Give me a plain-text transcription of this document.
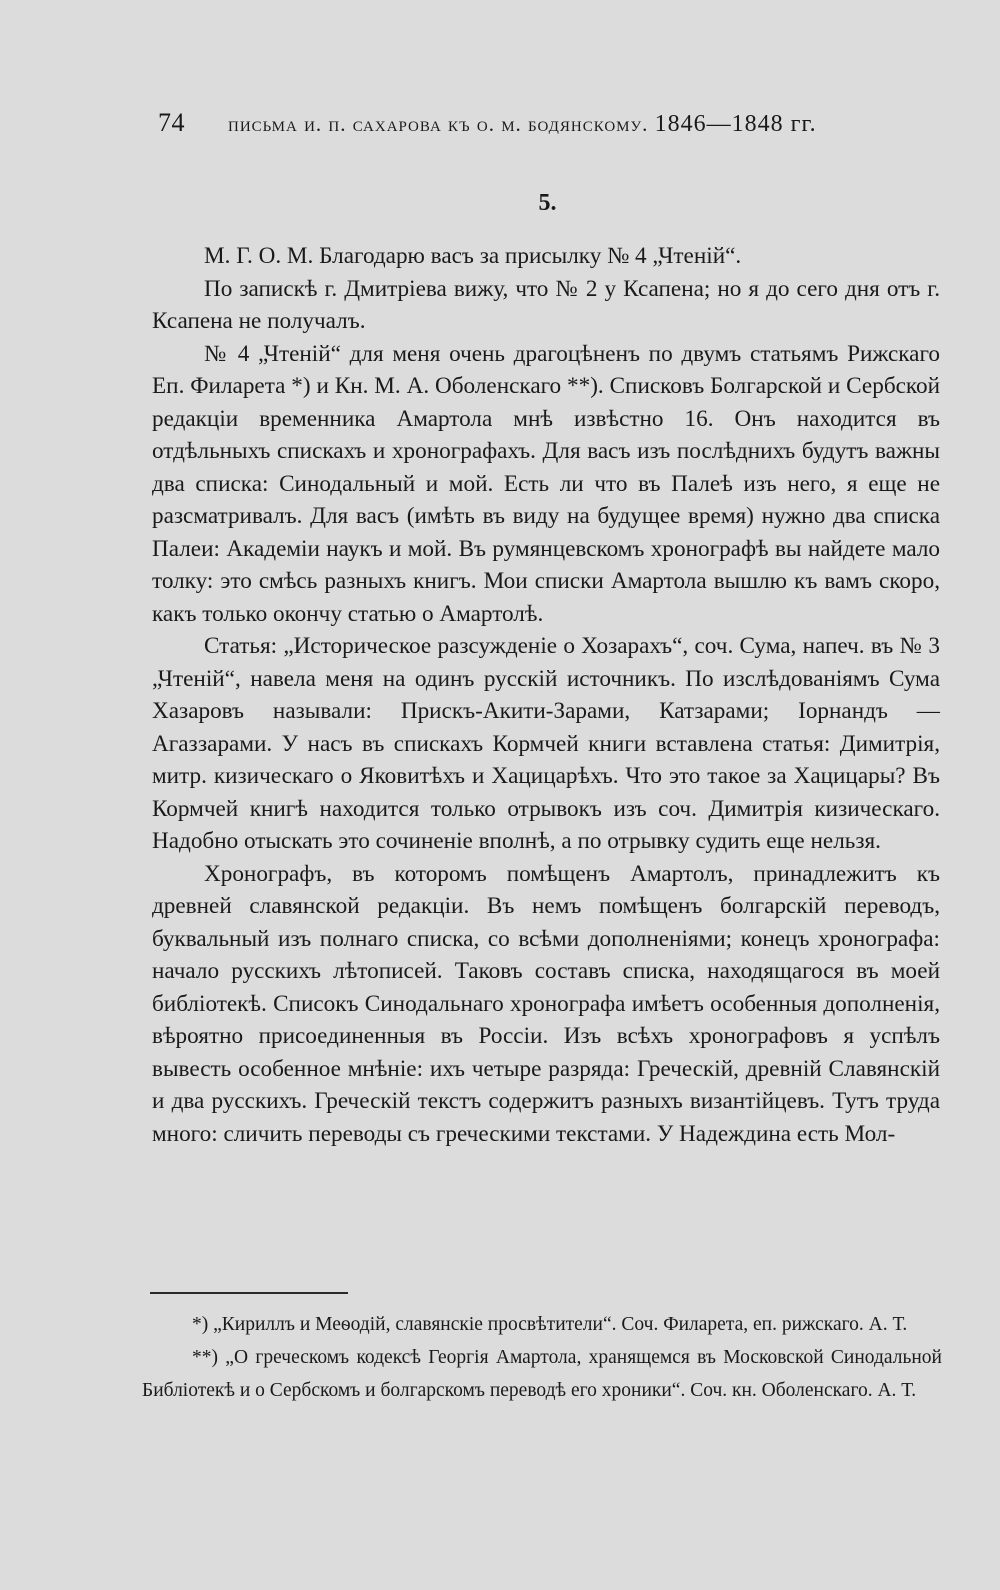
74	письма и. п. сахарова къ о. м. бодянскому. 1846—1848 гг.
5.

М. Г. О. М. Благодарю васъ за присылку № 4 „Чтеній“.

По запискѣ г. Дмитріева вижу, что № 2 у Ксапена; но я до сего дня отъ г. Ксапена не получалъ.

№ 4 „Чтеній“ для меня очень драгоцѣненъ по двумъ статьямъ Рижскаго Еп. Филарета *) и Кн. М. А. Оболенскаго **). Списковъ Болгарской и Сербской редакціи временника Амартола мнѣ извѣстно 16. Онъ находится въ отдѣльныхъ спискахъ и хронографахъ. Для васъ изъ послѣднихъ будутъ важны два списка: Синодальный и мой. Есть ли что въ Палеѣ изъ него, я еще не разсматривалъ. Для васъ (имѣть въ виду на будущее время) нужно два списка Палеи: Академіи наукъ и мой. Въ румянцевскомъ хронографѣ вы найдете мало толку: это смѣсь разныхъ книгъ. Мои списки Амартола вышлю къ вамъ скоро, какъ только окончу статью о Амартолѣ.

Статья: „Историческое разсужденіе о Хозарахъ“, соч. Сума, напеч. въ № 3 „Чтеній“, навела меня на одинъ русскій источникъ. По изслѣдованіямъ Сума Хазаровъ называли: Прискъ-Акити-Зарами, Катзарами; Іорнандъ — Агаззарами. У насъ въ спискахъ Кормчей книги вставлена статья: Димитрія, митр. кизическаго о Яковитѣхъ и Хацицарѣхъ. Что это такое за Хацицары? Въ Кормчей книгѣ находится только отрывокъ изъ соч. Димитрія кизическаго. Надобно отыскать это сочиненіе вполнѣ, а по отрывку судить еще нельзя.

Хронографъ, въ которомъ помѣщенъ Амартолъ, принадлежитъ къ древней славянской редакціи. Въ немъ помѣщенъ болгарскій переводъ, буквальный изъ полнаго списка, со всѣми дополненіями; конецъ хронографа: начало русскихъ лѣтописей. Таковъ составъ списка, находящагося въ моей библіотекѣ. Списокъ Синодальнаго хронографа имѣетъ особенныя дополненія, вѣроятно присоединенныя въ Россіи. Изъ всѣхъ хронографовъ я успѣлъ вывесть особенное мнѣніе: ихъ четыре разряда: Греческій, древній Славянскій и два русскихъ. Греческій текстъ содержитъ разныхъ византійцевъ. Тутъ труда много: сличить переводы съ греческими текстами. У Надеждина есть Мол-

*) „Кириллъ и Меѳодій, славянскіе просвѣтители“. Соч. Филарета, еп. рижскаго. А. Т.

**) „О греческомъ кодексѣ Георгія Амартола, хранящемся въ Московской Синодальной Библіотекѣ и о Сербскомъ и болгарскомъ переводѣ его хроники“. Соч. кн. Оболенскаго. А. Т.
